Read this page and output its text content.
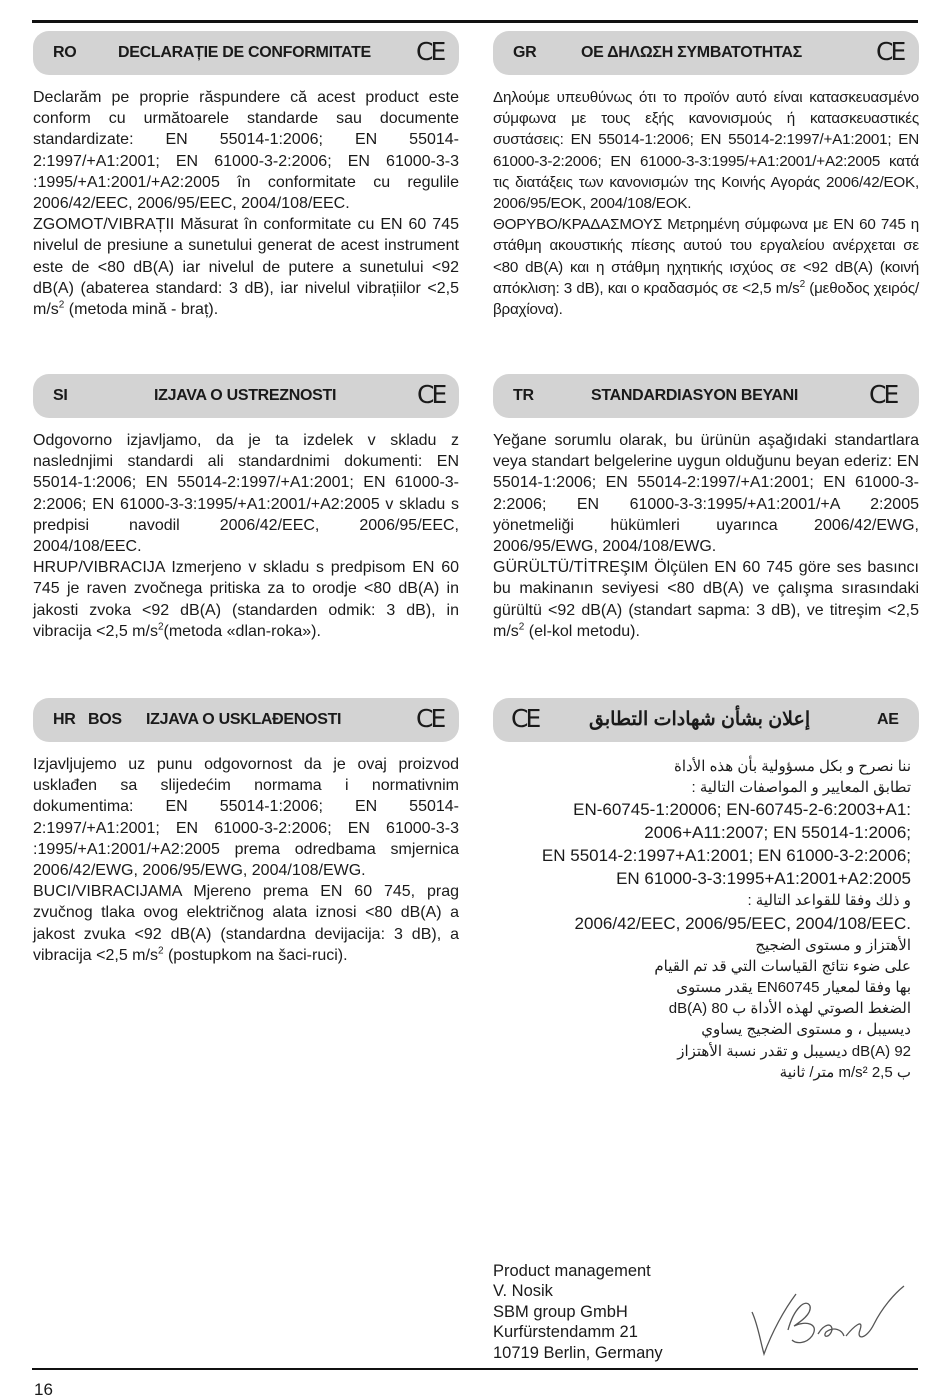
RO	DECLARAȚIE DE CONFORMITATE CE

Declarăm pe proprie răspundere că acest product este conform cu următoarele standarde sau documente standardizate: EN 55014-1:2006; EN 55014-2:1997/+A1:2001; EN 61000-3-2:2006; EN 61000-3-3 :1995/+A1:2001/+A2:2005 în conformitate cu regulile 2006/42/EEC, 2006/95/EEC, 2004/108/EEC.

ZGOMOT/VIBRAȚII Măsurat în conformitate cu EN 60 745 nivelul de presiune a sunetului generat de acest instrument este de <80 dB(A) iar nivelul de putere a sunetului <92 dB(A) (abaterea standard: 3 dB), iar nivelul vibrațiilor <2,5 $m/s^2$ (metoda mină - braț).

GR	ΟΕ ΔΗΛΩΣΗ ΣΥΜΒΑΤΟΤΗΤΑΣ	CE

Δηλούμε υπευθύνως ότι το προϊόν αυτό είναι κατασκευασμένο σύμφωνα με τους εξής κανονισμούς ή κατασκευαστικές συστάσεις: EN 55014-1:2006; EN 55014-2:1997/+A1:2001; EN 61000-3-2:2006; EN 61000-3-3:1995/+A1:2001/+A2:2005 κατά τις διατάξεις των κανονισμών της Κοινής Αγοράς 2006/42/ΕΟΚ, 2006/95/ΕΟΚ, 2004/108/ΕΟΚ.

ΘΟΡΥΒΟ/ΚΡΑΔΑΣΜΟΥΣ Μετρημένη σύμφωνα με ΕΝ 60 745 η στάθμη ακουστικής πίεσης αυτού του εργαλείου ανέρχεται σε <80 dB(A) και η στάθμη ηχητικής ισχύος σε <92 dB(A) (κοινή απόκλιση: 3 dB), και ο κραδασμός σε <2,5 $m/s^2$ (μεθοδος χειρός/βραχίονα).

SI	IZJAVA O USTREZNOSTI	CE

Odgovorno izjavljamo, da je ta izdelek v skladu z naslednjimi standardi ali standardnimi dokumenti: EN 55014-1:2006; EN 55014-2:1997/+A1:2001; EN 61000-3-2:2006; EN 61000-3-3:1995/+A1:2001/+A2:2005 v skladu s predpisi navodil 2006/42/EEC, 2006/95/EEC, 2004/108/EEC.

HRUP/VIBRACIJA Izmerjeno v skladu s predpisom EN 60 745 je raven zvočnega pritiska za to orodje <80 dB(A) in jakosti zvoka <92 dB(A) (standarden odmik: 3 dB), in vibracija <2,5 $m/s^2(metoda$ «dlan-roka»).

TR	STANDARDIASYON BEYANI	CE

Yeğane sorumlu olarak, bu ürünün aşağıdaki standartlara veya standart belgelerine uygun olduğunu beyan ederiz: EN 55014-1:2006; EN 55014-2:1997/+A1:2001; EN 61000-3-2:2006; EN 61000-3-3:1995/+A1:2001/+A 2:2005 yönetmeliği hükümleri uyarınca 2006/42/EWG, 2006/95/EWG, 2004/108/EWG.

GÜRÜLTÜ/TİTREŞIM Ölçülen EN 60 745 göre ses basıncı bu makinanın seviyesi <80 dB(A) ve çalışma sırasındaki gürültü <92 dB(A) (standart sapma: 3 dB), ve titreşim <2,5 $m/s^2$ (el-kol metodu).

HR BOS IZJAVA O USKLAĐENOSTI	CE

Izjavljujemo uz punu odgovornost da je ovaj proizvod usklađen sa slijedećim normama i normativnim dokumentima: EN 55014-1:2006; EN 55014-2:1997/+A1:2001; EN 61000-3-2:2006; EN 61000-3-3 :1995/+A1:2001/+A2:2005 prema odredbama smjernica 2006/42/EWG, 2006/95/EWG, 2004/108/EWG.

BUCI/VIBRACIJAMA Mjereno prema EN 60 745, prag zvučnog tlaka ovog električnog alata iznosi <80 dB(A) a jakost zvuka <92 dB(A) (standardna devijacija: 3 dB), a vibracija <2,5 $m/s^2$ (postupkom na šaci-ruci).

CE	إعلان بشأن شهادات التطابق	AE

ننا نصرح و بكل مسؤولية بأن هذه الأداة

تطابق المعايير و المواصفات التالية :

EN-60745-1:20006; EN-60745-2-6:2003+A1:

2006+A11:2007; EN 55014-1:2006;

EN 55014-2:1997+A1:2001; EN 61000-3-2:2006;

EN 61000-3-3:1995+A1:2001+A2:2005

و ذلك وفقا للقواعد التالية :

2006/42/EEC, 2006/95/EEC, 2004/108/EEC.

الأهتزاز و مستوى الضجيج

على ضوء نتائج القياسات التي قد تم القيام

بها وفقا لمعيار EN60745 يقدر مستوى

الضغط الصوتي لهذه الأداة ب 80 dB(A)

ديسيبل ، و مستوى الضجيج يساوي

92 dB(A) ديسيبل و تقدر نسبة الأهتزاز

ب 2,5 m/s² متر/ ثانية

Product management

V. Nosik

SBM group GmbH

Kurfürstendamm 21

10719 Berlin, Germany

16
